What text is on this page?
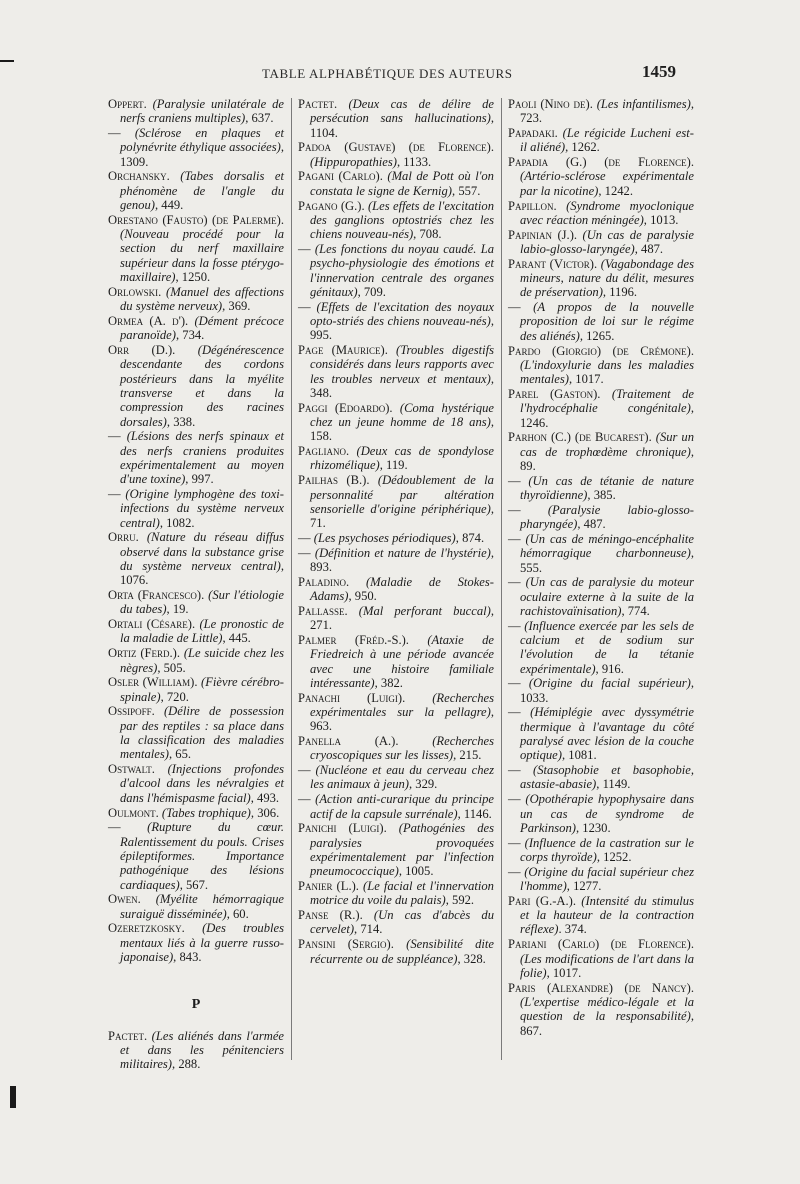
TABLE ALPHABÉTIQUE DES AUTEURS	1459
Oppert. (Paralysie unilatérale de nerfs craniens multiples), 637.
— (Sclérose en plaques et polynévrite éthylique associées), 1309.
Orchansky. (Tabes dorsalis et phénomène de l'angle du genou), 449.
Orestano (Fausto) (de Palerme). (Nouveau procédé pour la section du nerf maxillaire supérieur dans la fosse ptérygo-maxillaire), 1250.
Orlowski. (Manuel des affections du système nerveux), 369.
Ormea (A. d'). (Dément précoce paranoïde), 734.
Orr (D.). (Dégénérescence descendante des cordons postérieurs dans la myélite transverse et dans la compression des racines dorsales), 338.
— (Lésions des nerfs spinaux et des nerfs craniens produites expérimentalement au moyen d'une toxine), 997.
— (Origine lymphogène des toxi-infections du système nerveux central), 1082.
Orru. (Nature du réseau diffus observé dans la substance grise du système nerveux central), 1076.
Orta (Francesco). (Sur l'étiologie du tabes), 19.
Ortali (Césare). (Le pronostic de la maladie de Little), 445.
Ortiz (Ferd.). (Le suicide chez les nègres), 505.
Osler (William). (Fièvre cérébro-spinale), 720.
Ossipoff. (Délire de possession par des reptiles : sa place dans la classification des maladies mentales), 65.
Ostwalt. (Injections profondes d'alcool dans les névralgies et dans l'hémispasme facial), 493.
Oulmont. (Tabes trophique), 306.
— (Rupture du cœur. Ralentissement du pouls. Crises épileptiformes. Importance pathogénique des lésions cardiaques), 567.
Owen. (Myélite hémorragique suraiguë disséminée), 60.
Ozeretzkosky. (Des troubles mentaux liés à la guerre russo-japonaise), 843.
P
Pactet. (Les aliénés dans l'armée et dans les pénitenciers militaires), 288.
Pactet. (Deux cas de délire de persécution sans hallucinations), 1104.
Padoa (Gustave) (de Florence). (Hippuropathies), 1133.
Pagani (Carlo). (Mal de Pott où l'on constata le signe de Kernig), 557.
Pagano (G.). (Les effets de l'excitation des ganglions optostriés chez les chiens nouveau-nés), 708.
— (Les fonctions du noyau caudé. La psycho-physiologie des émotions et l'innervation centrale des organes génitaux), 709.
— (Effets de l'excitation des noyaux opto-striés des chiens nouveau-nés), 995.
Page (Maurice). (Troubles digestifs considérés dans leurs rapports avec les troubles nerveux et mentaux), 348.
Paggi (Edoardo). (Coma hystérique chez un jeune homme de 18 ans), 158.
Pagliano. (Deux cas de spondylose rhizomélique), 119.
Pailhas (B.). (Dédoublement de la personnalité par altération sensorielle d'origine périphérique), 71.
— (Les psychoses périodiques), 874.
— (Définition et nature de l'hystérie), 893.
Paladino. (Maladie de Stokes-Adams), 950.
Pallasse. (Mal perforant buccal), 271.
Palmer (Fréd.-S.). (Ataxie de Friedreich à une période avancée avec une histoire familiale intéressante), 382.
Panachi (Luigi). (Recherches expérimentales sur la pellagre), 963.
Panella (A.).	(Recherches cryoscopiques sur les lisses), 215.
— (Nucléone et eau du cerveau chez les animaux à jeun), 329.
— (Action anti-curarique du principe actif de la capsule surrénale), 1146.
Panichi (Luigi). (Pathogénies des paralysies provoquées expérimentalement par l'infection pneumococcique), 1005.
Panier (L.). (Le facial et l'innervation motrice du voile du palais), 592.
Panse (R.). (Un cas d'abcès du cervelet), 714.
Pansini (Sergio). (Sensibilité dite récurrente ou de suppléance), 328.
Paoli (Nino de). (Les infantilismes), 723.
Papadaki. (Le régicide Lucheni est-il aliéné), 1262.
Papadia (G.) (de Florence). (Artério-sclérose expérimentale par la nicotine), 1242.
Papillon. (Syndrome myoclonique avec réaction méningée), 1013.
Papinian (J.). (Un cas de paralysie labio-glosso-laryngée), 487.
Parant (Victor). (Vagabondage des mineurs, nature du délit, mesures de préservation), 1196.
— (A propos de la nouvelle proposition de loi sur le régime des aliénés), 1265.
Pardo (Giorgio) (de Crémone). (L'indoxylurie dans les maladies mentales), 1017.
Parel (Gaston). (Traitement de l'hydrocéphalie congénitale), 1246.
Parhon (C.) (de Bucarest). (Sur un cas de trophœdème chronique), 89.
— (Un cas de tétanie de nature thyroïdienne), 385.
— (Paralysie labio-glosso-pharyngée), 487.
— (Un cas de méningo-encéphalite hémorragique charbonneuse), 555.
— (Un cas de paralysie du moteur oculaire externe à la suite de la rachistovaïnisation), 774.
— (Influence exercée par les sels de calcium et de sodium sur l'évolution de la tétanie expérimentale), 916.
— (Origine du facial supérieur), 1033.
— (Hémiplégie avec dyssymétrie thermique à l'avantage du côté paralysé avec lésion de la couche optique), 1081.
— (Stasophobie et basophobie, astasie-abasie), 1149.
— (Opothérapie hypophysaire dans un cas de syndrome de Parkinson), 1230.
— (Influence de la castration sur le corps thyroïde), 1252.
— (Origine du facial supérieur chez l'homme), 1277.
Pari (G.-A.). (Intensité du stimulus et la hauteur de la contraction réflexe). 374.
Pariani (Carlo) (de Florence). (Les modifications de l'art dans la folie), 1017.
Paris (Alexandre) (de Nancy). (L'expertise médico-légale et la question de la responsabilité), 867.
